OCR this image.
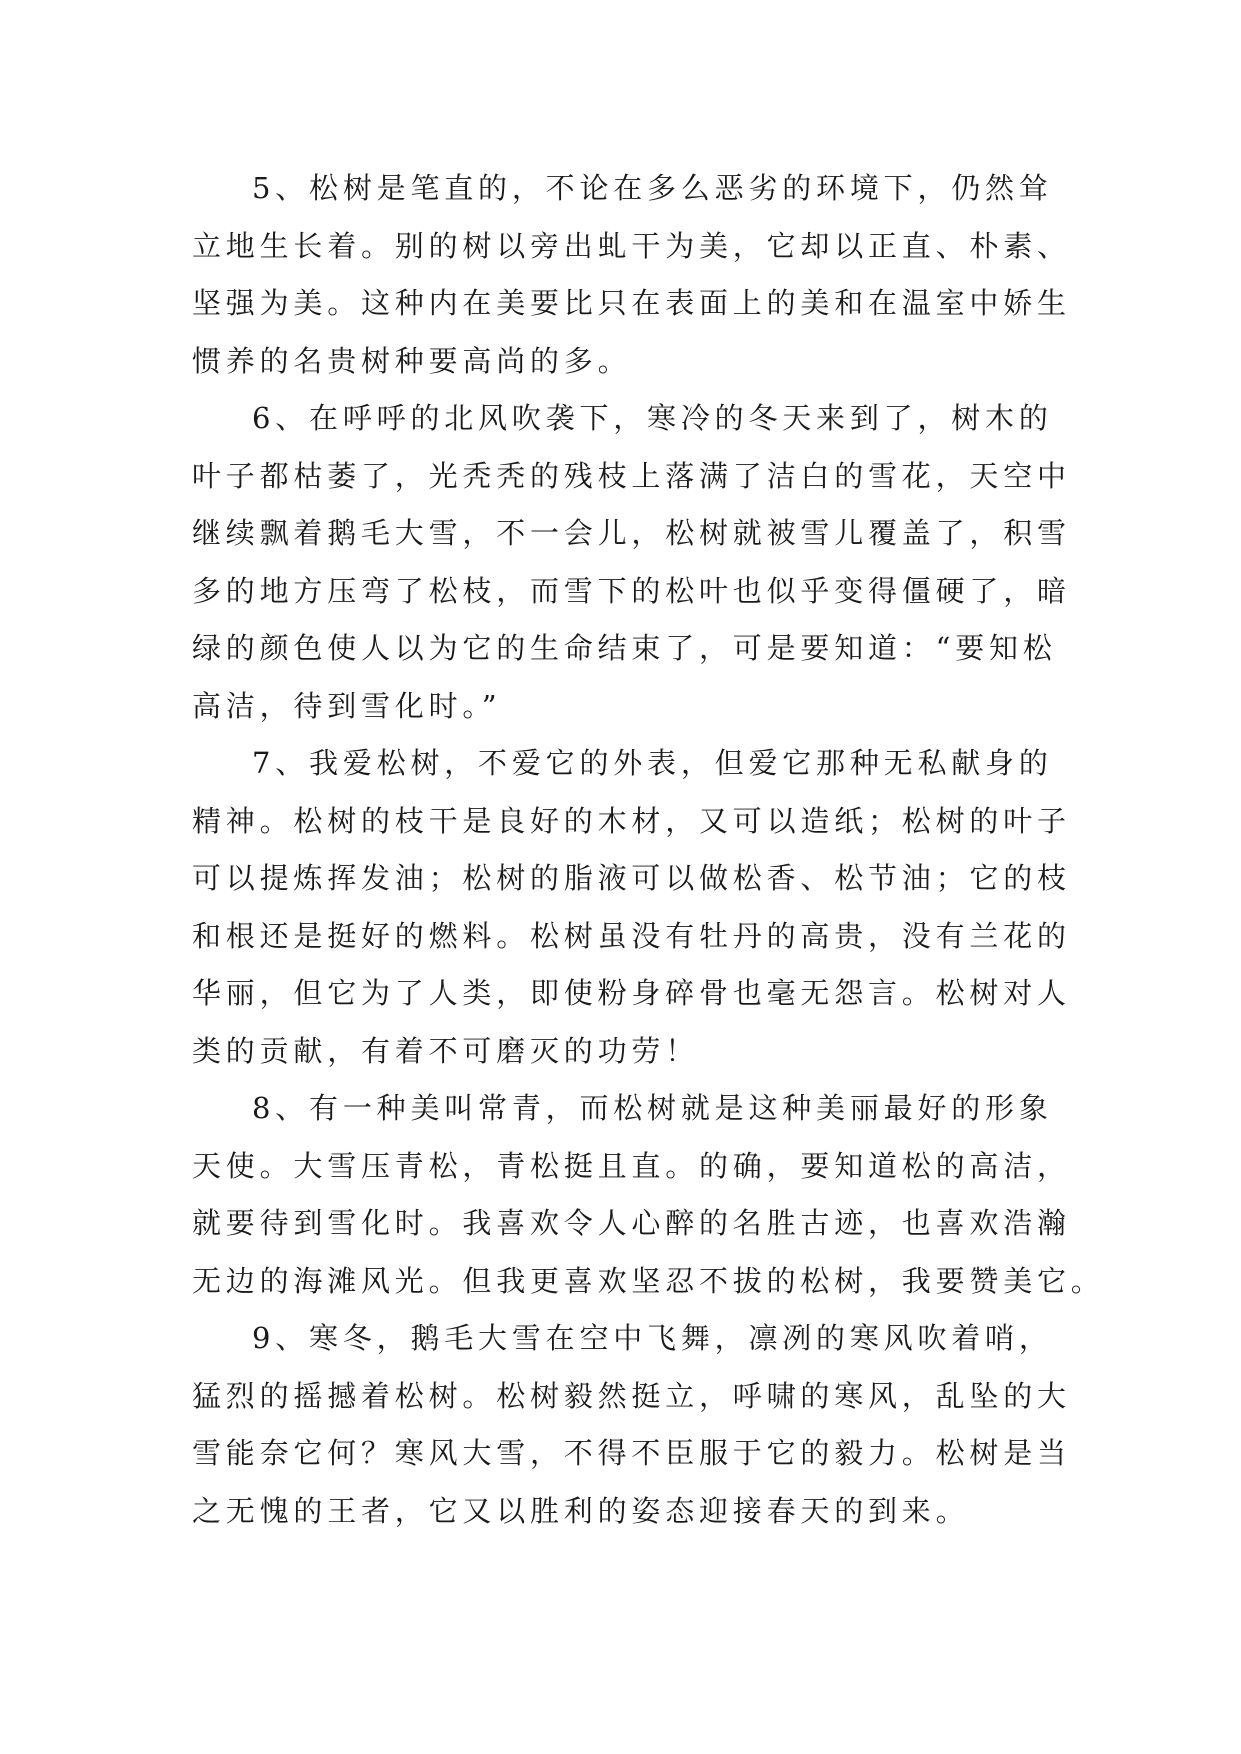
5、松树是笔直的，不论在多么恶劣的环境下，仍然耸
立地生长着。别的树以旁出虬干为美，它却以正直、朴素、
坚强为美。这种内在美要比只在表面上的美和在温室中娇生
惯养的名贵树种要高尚的多。
6、在呼呼的北风吹袭下，寒冷的冬天来到了，树木的
叶子都枯萎了，光秃秃的残枝上落满了洁白的雪花，天空中
继续飘着鹅毛大雪，不一会儿，松树就被雪儿覆盖了，积雪
多的地方压弯了松枝，而雪下的松叶也似乎变得僵硬了，暗
绿的颜色使人以为它的生命结束了，可是要知道：“要知松
高洁，待到雪化时。”
7、我爱松树，不爱它的外表，但爱它那种无私献身的
精神。松树的枝干是良好的木材，又可以造纸；松树的叶子
可以提炼挥发油；松树的脂液可以做松香、松节油；它的枝
和根还是挺好的燃料。松树虽没有牡丹的高贵，没有兰花的
华丽，但它为了人类，即使粉身碎骨也毫无怨言。松树对人
类的贡献，有着不可磨灭的功劳！
8、有一种美叫常青，而松树就是这种美丽最好的形象
天使。大雪压青松，青松挺且直。的确，要知道松的高洁，
就要待到雪化时。我喜欢令人心醉的名胜古迹，也喜欢浩瀚
无边的海滩风光。但我更喜欢坚忍不拔的松树，我要赞美它。
9、寒冬，鹅毛大雪在空中飞舞，凛冽的寒风吹着哨，
猛烈的摇撼着松树。松树毅然挺立，呼啸的寒风，乱坠的大
雪能奈它何？寒风大雪，不得不臣服于它的毅力。松树是当
之无愧的王者，它又以胜利的姿态迎接春天的到来。
